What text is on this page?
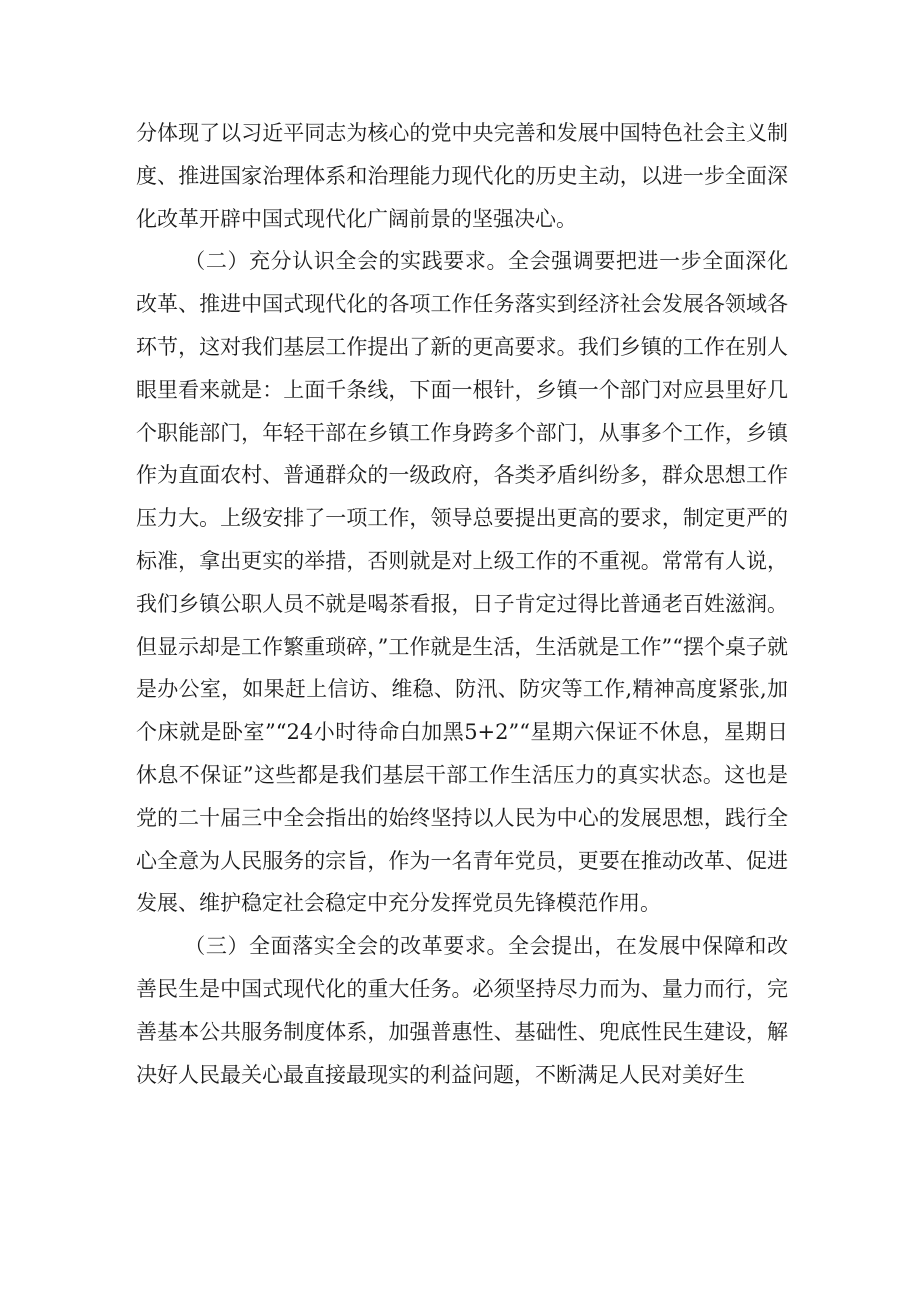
分体现了以习近平同志为核心的党中央完善和发展中国特色社会主义制度、推进国家治理体系和治理能力现代化的历史主动，以进一步全面深化改革开辟中国式现代化广阔前景的坚强决心。

（二）充分认识全会的实践要求。全会强调要把进一步全面深化改革、推进中国式现代化的各项工作任务落实到经济社会发展各领域各环节，这对我们基层工作提出了新的更高要求。我们乡镇的工作在别人眼里看来就是：上面千条线，下面一根针，乡镇一个部门对应县里好几个职能部门，年轻干部在乡镇工作身跨多个部门，从事多个工作，乡镇作为直面农村、普通群众的一级政府，各类矛盾纠纷多，群众思想工作压力大。上级安排了一项工作，领导总要提出更高的要求，制定更严的标准，拿出更实的举措，否则就是对上级工作的不重视。常常有人说，我们乡镇公职人员不就是喝茶看报，日子肯定过得比普通老百姓滋润。但显示却是工作繁重琐碎，”工作就是生活，生活就是工作”“摆个桌子就是办公室，如果赶上信访、维稳、防汛、防灾等工作,精神高度紧张,加个床就是卧室”“24小时待命白加黑5+2”“星期六保证不休息，星期日休息不保证”这些都是我们基层干部工作生活压力的真实状态。这也是党的二十届三中全会指出的始终坚持以人民为中心的发展思想，践行全心全意为人民服务的宗旨，作为一名青年党员，更要在推动改革、促进发展、维护稳定社会稳定中充分发挥党员先锋模范作用。

（三）全面落实全会的改革要求。全会提出，在发展中保障和改善民生是中国式现代化的重大任务。必须坚持尽力而为、量力而行，完善基本公共服务制度体系，加强普惠性、基础性、兜底性民生建设，解决好人民最关心最直接最现实的利益问题，不断满足人民对美好生
